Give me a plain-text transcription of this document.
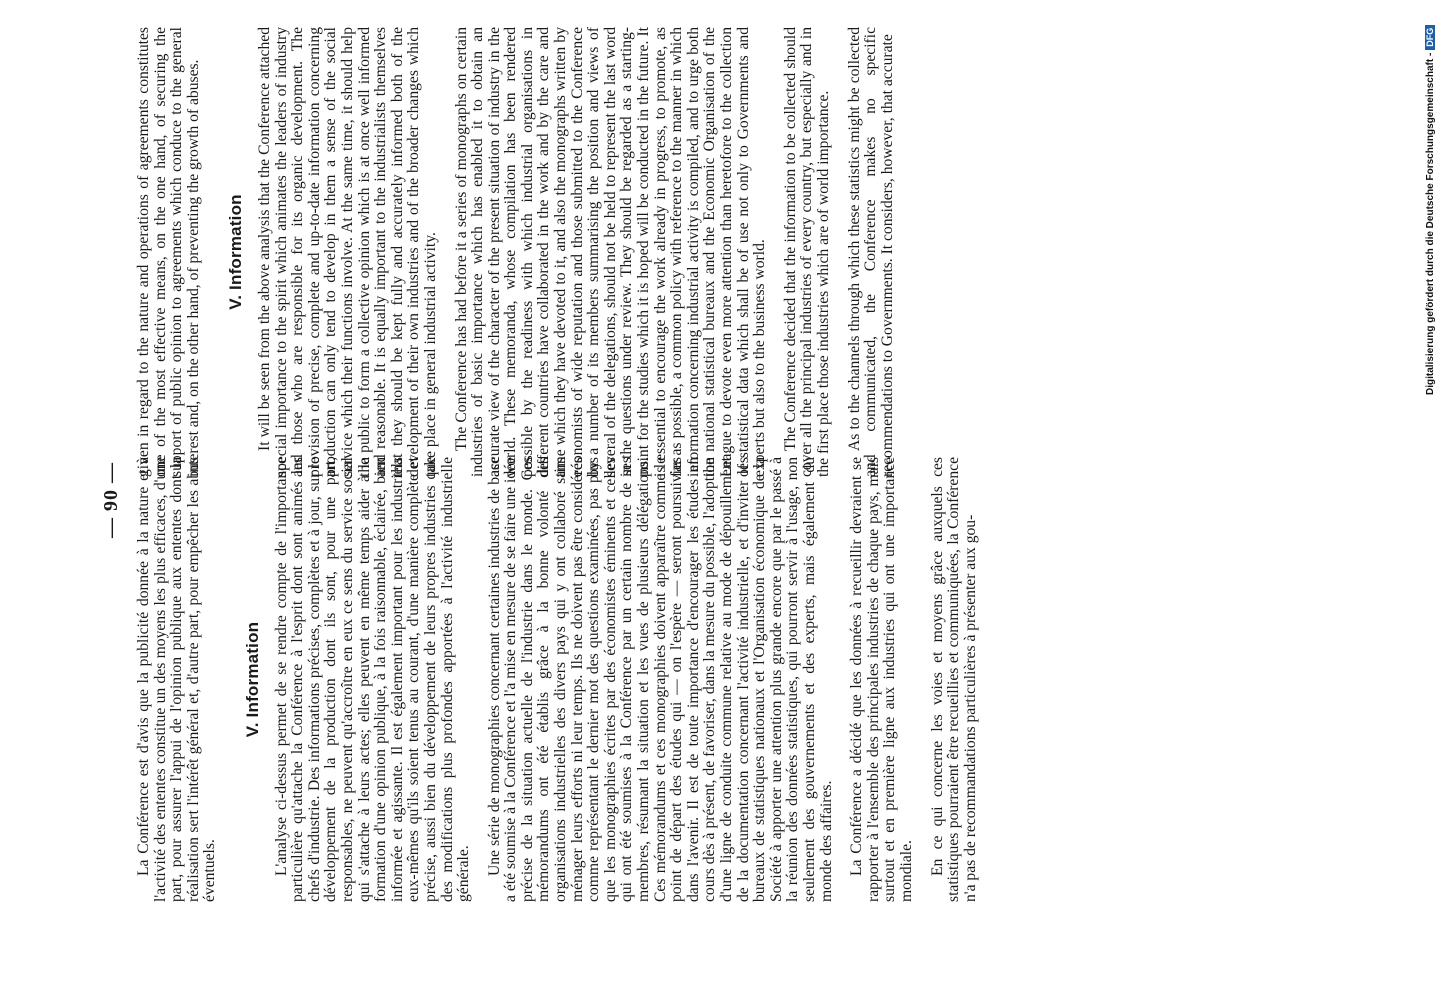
— 90 — La Conférence est d'avis que la publicité donnée à la nature et à l'activité des ententes constitue un des moyens les plus efficaces, d'une part, pour assurer l'appui de l'opinion publique aux ententes dont la réalisation sert l'intérêt général et, d'autre part, pour empêcher les abus éventuels.

V. Information L'analyse ci-dessus permet de se rendre compte de l'importance particulière qu'attache la Conférence à l'esprit dont sont animés les chefs d'industrie. Des informations précises, complètes et à jour, sur le développement de la production dont ils sont, pour une part, responsables, ne peuvent qu'accroître en eux ce sens du service social qui s'attache à leurs actes; elles peuvent en même temps aider à la formation d'une opinion publique, à la fois raisonnable, éclairée, bien informée et agissante. Il est également important pour les industriels eux-mêmes qu'ils soient tenus au courant, d'une manière complète et précise, aussi bien du développement de leurs propres industries que des modifications plus profondes apportées à l'activité industrielle générale. Une série de monographies concernant certaines industries de base a été soumise à la Conférence et l'a mise en mesure de se faire une idée précise de la situation actuelle de l'industrie dans le monde. Ces mémorandums ont été établis grâce à la bonne volonté des organisations industrielles des divers pays qui y ont collaboré sans ménager leurs efforts ni leur temps. Ils ne doivent pas être considérés comme représentant le dernier mot des questions examinées, pas plus que les monographies écrites par des économistes éminents et celles qui ont été soumises à la Conférence par un certain nombre de ses membres, résumant la situation et les vues de plusieurs délégations. Ces mémorandums et ces monographies doivent apparaître comme le point de départ des études qui — on l'espère — seront poursuivies dans l'avenir. Il est de toute importance d'encourager les études en cours dès à présent, de favoriser, dans la mesure du possible, l'adoption d'une ligne de conduite commune relative au mode de dépouillement de la documentation concernant l'activité industrielle, et d'inviter les bureaux de statistiques nationaux et l'Organisation économique de la Société à apporter une attention plus grande encore que par le passé à la réunion des données statistiques, qui pourront servir à l'usage, non seulement des gouvernements et des experts, mais également du monde des affaires. La Conférence a décidé que les données à recueillir devraient se rapporter à l'ensemble des principales industries de chaque pays, mais surtout et en première ligne aux industries qui ont une importance mondiale. En ce qui concerne les voies et moyens grâce auxquels ces statistiques pourraient être recueillies et communiquées, la Conférence n'a pas de recommandations particulières à présenter aux gou-

given in regard to the nature and operations of agreements constitutes one of the most effective means, on the one hand, of securing the support of public opinion to agreements which conduce to the general interest and, on the other hand, of preventing the growth of abuses. V. Information It will be seen from the above analysis that the Conference attached special importance to the spirit which animates the leaders of industry and those who are responsible for its organic development. The provision of precise, complete and up-to-date information concerning production can only tend to develop in them a sense of the social service which their functions involve. At the same time, it should help the public to form a collective opinion which is at once well informed and reasonable. It is equally important to the industrialists themselves that they should be kept fully and accurately informed both of the development of their own industries and of the broader changes which take place in general industrial activity. The Conference has had before it a series of monographs on certain industries of basic importance which has enabled it to obtain an accurate view of the character of the present situation of industry in the world. These memoranda, whose compilation has been rendered possible by the readiness with which industrial organisations in different countries have collaborated in the work and by the care and time which they have devoted to it, and also the monographs written by economists of wide reputation and those submitted to the Conference by a number of its members summarising the position and views of several of the delegations, should not be held to represent the last word in the questions under review. They should be regarded as a starting-point for the studies which it is hoped will be conducted in the future. It is essential to encourage the work already in progress, to promote, as far as possible, a common policy with reference to the manner in which information concerning industrial activity is compiled, and to urge both the national statistical bureaux and the Economic Organisation of the League to devote even more attention than heretofore to the collection of statistical data which shall be of use not only to Governments and experts but also to the business world. The Conference decided that the information to be collected should cover all the principal industries of every country, but especially and in the first place those industries which are of world importance. As to the channels through which these statistics might be collected and communicated, the Conference makes no specific recommendations to Governments. It considers, however, that accurate	Digitalisierung gefördert durch die Deutsche Forschungsgemeinschaft -DFG
